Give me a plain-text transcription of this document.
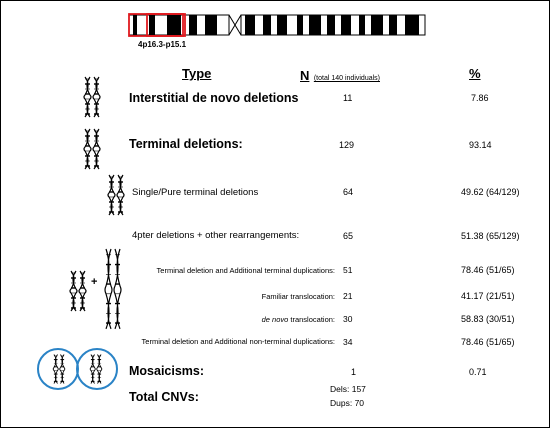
4p16.3-p15.1
Type	N (total 140 individuals)	%
Interstitial de novo deletions	11	7.86
Terminal deletions:	129	93.14
Single/Pure terminal deletions	64	49.62 (64/129)
4pter deletions + other rearrangements:	65	51.38 (65/129)
+
Terminal deletion and Additional terminal duplications: 51	78.46 (51/65)
Familiar translocation: 21	41.17 (21/51)
de novo translocation: 30	58.83 (30/51)
Terminal deletion and Additional non-terminal duplications: 34	78.46 (51/65)
Mosaicisms:	1	0.71
Total CNVs:
Dels: 157
Dups: 70
